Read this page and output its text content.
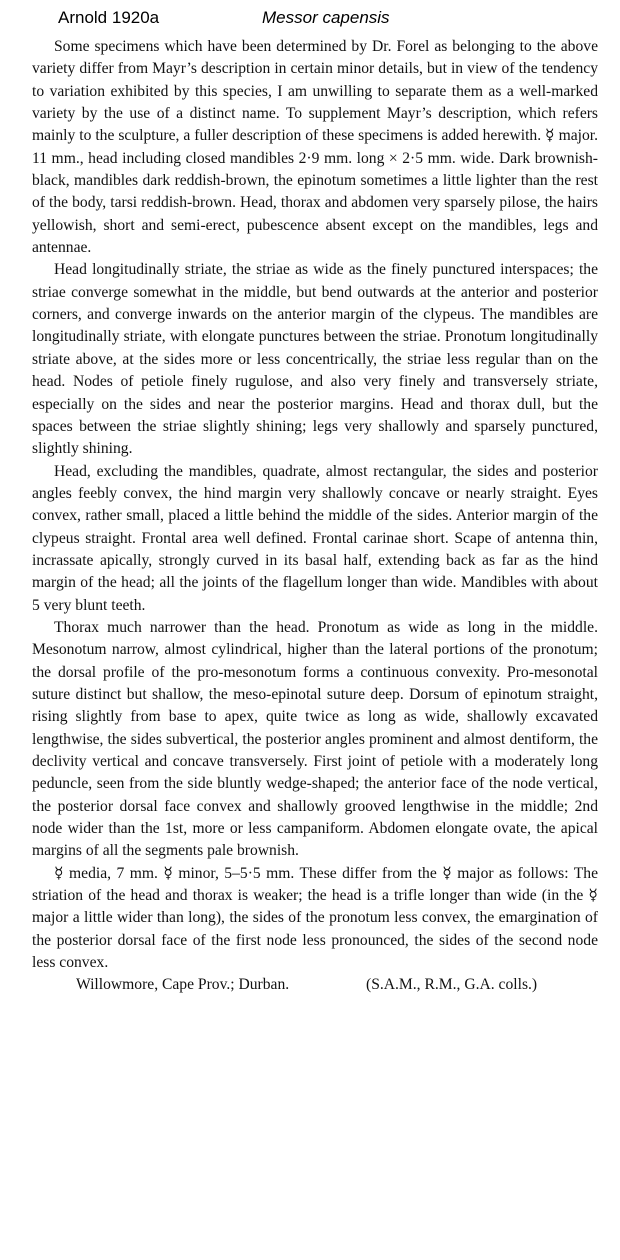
Arnold 1920a	Messor capensis

Some specimens which have been determined by Dr. Forel as belonging to the above variety differ from Mayr’s description in certain minor details, but in view of the tendency to variation exhibited by this species, I am unwilling to separate them as a well-marked variety by the use of a distinct name. To supplement Mayr’s description, which refers mainly to the sculpture, a fuller description of these specimens is added herewith. ☿ major. 11 mm., head including closed mandibles 2·9 mm. long × 2·5 mm. wide. Dark brownish-black, mandibles dark reddish-brown, the epinotum sometimes a little lighter than the rest of the body, tarsi reddish-brown. Head, thorax and abdomen very sparsely pilose, the hairs yellowish, short and semi-erect, pubescence absent except on the mandibles, legs and antennae.

Head longitudinally striate, the striae as wide as the finely punctured interspaces; the striae converge somewhat in the middle, but bend outwards at the anterior and posterior corners, and converge inwards on the anterior margin of the clypeus. The mandibles are longitudinally striate, with elongate punctures between the striae. Pronotum longitudinally striate above, at the sides more or less concentrically, the striae less regular than on the head. Nodes of petiole finely rugulose, and also very finely and transversely striate, especially on the sides and near the posterior margins. Head and thorax dull, but the spaces between the striae slightly shining; legs very shallowly and sparsely punctured, slightly shining.

Head, excluding the mandibles, quadrate, almost rectangular, the sides and posterior angles feebly convex, the hind margin very shallowly concave or nearly straight. Eyes convex, rather small, placed a little behind the middle of the sides. Anterior margin of the clypeus straight. Frontal area well defined. Frontal carinae short. Scape of antenna thin, incrassate apically, strongly curved in its basal half, extending back as far as the hind margin of the head; all the joints of the flagellum longer than wide. Mandibles with about 5 very blunt teeth.

Thorax much narrower than the head. Pronotum as wide as long in the middle. Mesonotum narrow, almost cylindrical, higher than the lateral portions of the pronotum; the dorsal profile of the pro-mesonotum forms a continuous convexity. Pro-mesonotal suture distinct but shallow, the meso-epinotal suture deep. Dorsum of epinotum straight, rising slightly from base to apex, quite twice as long as wide, shallowly excavated lengthwise, the sides subvertical, the posterior angles prominent and almost dentiform, the declivity vertical and concave transversely. First joint of petiole with a moderately long peduncle, seen from the side bluntly wedge-shaped; the anterior face of the node vertical, the posterior dorsal face convex and shallowly grooved lengthwise in the middle; 2nd node wider than the 1st, more or less campaniform. Abdomen elongate ovate, the apical margins of all the segments pale brownish.

☿ media, 7 mm. ☿ minor, 5–5·5 mm. These differ from the ☿ major as follows: The striation of the head and thorax is weaker; the head is a trifle longer than wide (in the ☿ major a little wider than long), the sides of the pronotum less convex, the emargination of the posterior dorsal face of the first node less pronounced, the sides of the second node less convex.

Willowmore, Cape Prov.; Durban.	(S.A.M., R.M., G.A. colls.)
